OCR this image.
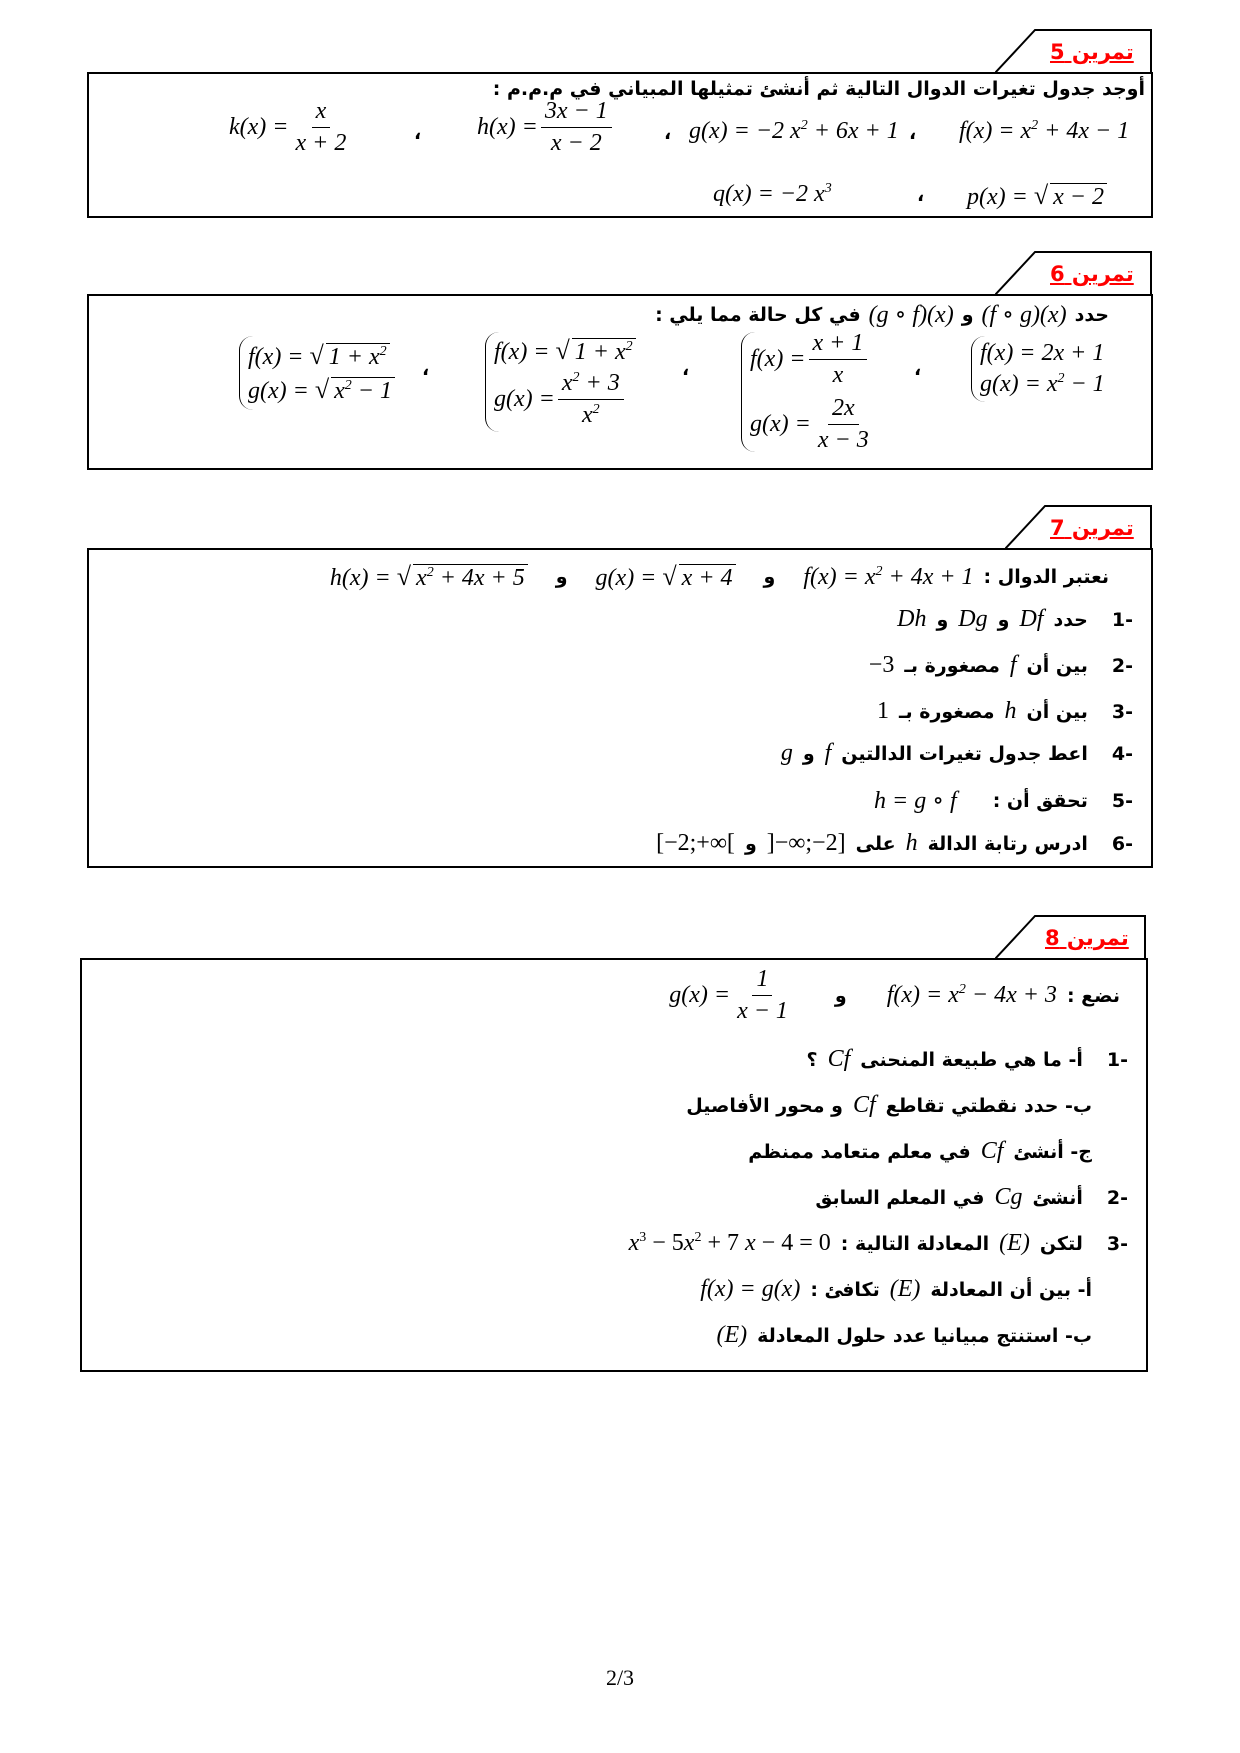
تمرين 5
أوجد جدول تغيرات الدوال التالية ثم أنشئ تمثيلها المبياني في م.م.م :
$f(x) = x^2 + 4x - 1$
،
g(x) = −2 $x^2 + 6x + 1$
،
$h(x) = \frac{3x - 1}{x - 2}$
،
$k(x) = \frac{x}{x + 2}$
p(x) = √ x − 2
،
q(x) = −2 $x^3$
تمرين 6
في كل حالة مما يلي : (g ∘ f)(x) و (f ∘ g)(x) حدد
f(x) = 2x + 1
$g(x) = x^2 - 1$
،
$f(x) = \frac{x + 1}{x}$
$g(x) = \frac{2x}{x - 3}$
،
f(x) = √ $1 + x^2$
$g(x) = \frac{x^2 + 3}{x^2}$
،
f(x) = √ $1 + x^2$
g(x) = √ $x^2 - 1$
تمرين 7
h(x) = √ $x^2 + 4x + 5$ و g(x) = √ x + 4 و $f(x) = x^2 + 4x + 1$ نعتبر الدوال :
Dh و Dg و Df حدد -1
−3 مصغورة بـ f بين أن -2
1 مصغورة بـ h بين أن -3
g و f اعط جدول تغيرات الدالتين -4
h = g ∘ f تحقق أن : -5
[−2;+∞[ و ]−∞;−2] على h ادرس رتابة الدالة -6
تمرين 8
$g(x) = \frac{1}{x - 1}$ و $f(x) = x^2 - 4x + 3$ نضع :
؟ Cf أ- ما هي طبيعة المنحنى -1
و محور الأفاصيل Cf ب- حدد نقطتي تقاطع
في معلم متعامد ممنظم Cf ج- أنشئ
في المعلم السابق Cg أنشئ -2
$x^3 - 5x^2 + 7$ x − 4 = 0 المعادلة التالية : (E) لتكن -3
f(x) = g(x) تكافئ : (E) أ- بين أن المعادلة
(E) ب- استنتج مبيانيا عدد حلول المعادلة
2/3
